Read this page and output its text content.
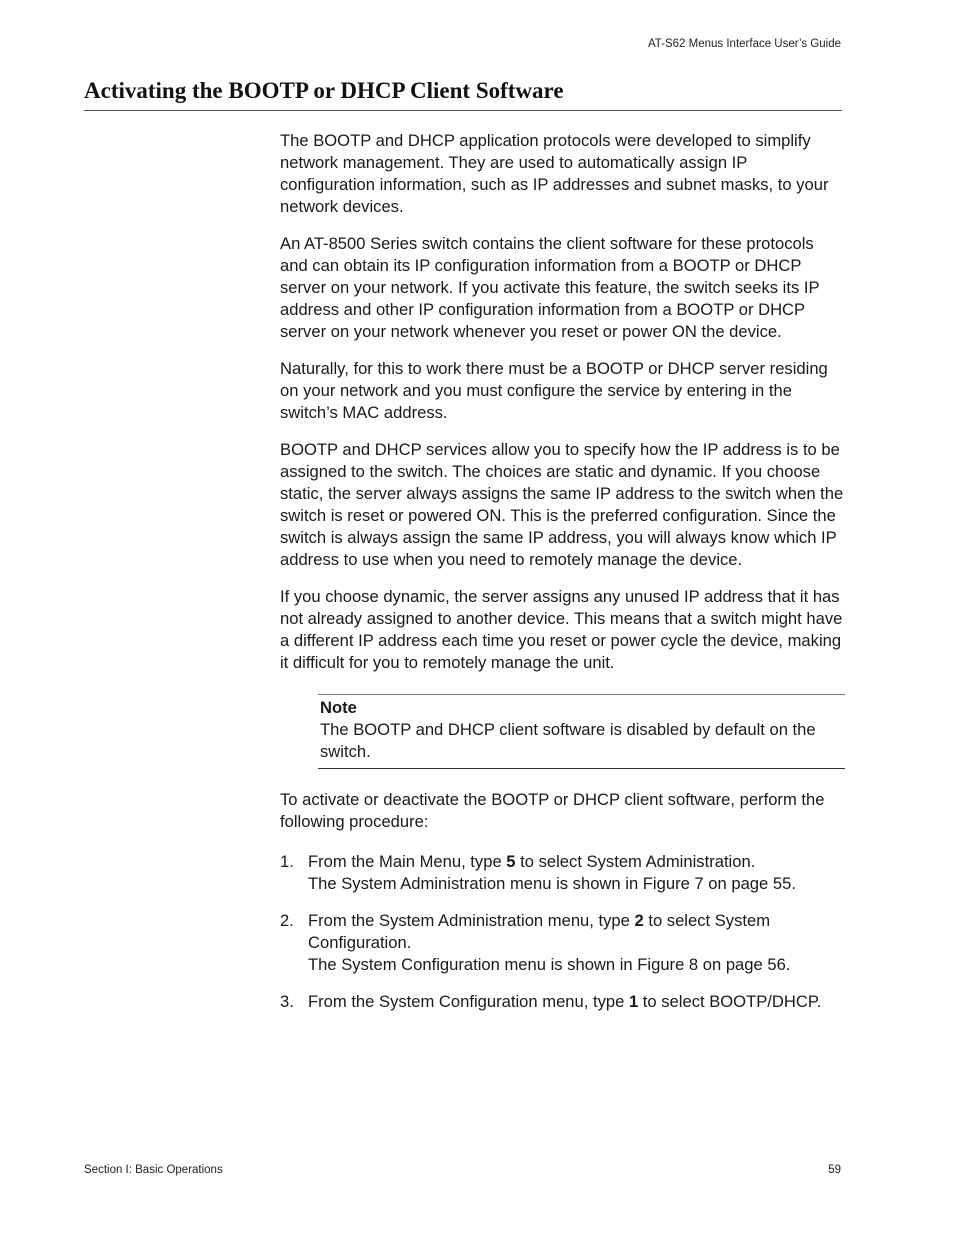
AT-S62 Menus Interface User’s Guide
Activating the BOOTP or DHCP Client Software

The BOOTP and DHCP application protocols were developed to simplify network management. They are used to automatically assign IP configuration information, such as IP addresses and subnet masks, to your network devices.

An AT-8500 Series switch contains the client software for these protocols and can obtain its IP configuration information from a BOOTP or DHCP server on your network. If you activate this feature, the switch seeks its IP address and other IP configuration information from a BOOTP or DHCP server on your network whenever you reset or power ON the device.

Naturally, for this to work there must be a BOOTP or DHCP server residing on your network and you must configure the service by entering in the switch’s MAC address.

BOOTP and DHCP services allow you to specify how the IP address is to be assigned to the switch. The choices are static and dynamic. If you choose static, the server always assigns the same IP address to the switch when the switch is reset or powered ON. This is the preferred configuration. Since the switch is always assign the same IP address, you will always know which IP address to use when you need to remotely manage the device.

If you choose dynamic, the server assigns any unused IP address that it has not already assigned to another device. This means that a switch might have a different IP address each time you reset or power cycle the device, making it difficult for you to remotely manage the unit.

Note
The BOOTP and DHCP client software is disabled by default on the switch.

To activate or deactivate the BOOTP or DHCP client software, perform the following procedure:

1. From the Main Menu, type 5 to select System Administration.

The System Administration menu is shown in Figure 7 on page 55.

2. From the System Administration menu, type 2 to select System Configuration.

The System Configuration menu is shown in Figure 8 on page 56.

3. From the System Configuration menu, type 1 to select BOOTP/DHCP.
Section I: Basic Operations	59
